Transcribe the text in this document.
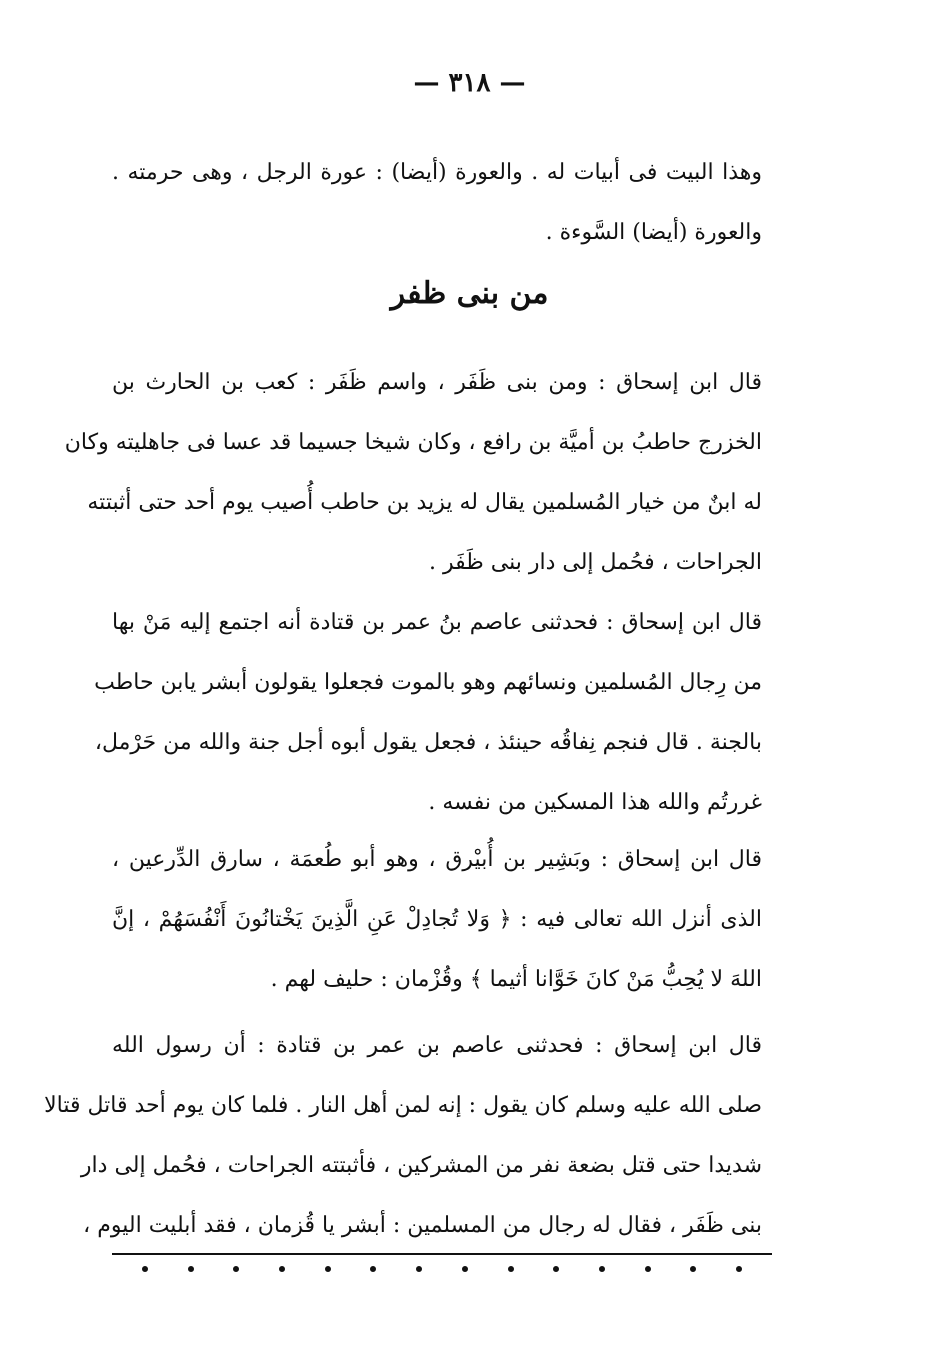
— ٣١٨ —
وهذا البيت فى أبيات له . والعورة (أيضا) : عورة الرجل ، وهى حرمته .
والعورة (أيضا) السَّوءة .
من بنى ظفر
قال ابن إسحاق : ومن بنى ظَفَر ، واسم ظَفَر : كعب بن الحارث بن
الخزرج حاطبُ بن أميَّة بن رافع ، وكان شيخا جسيما قد عسا فى جاهليته وكان
له ابنٌ من خيار المُسلمين يقال له يزيد بن حاطب أُصيب يوم أحد حتى أثبتته
الجراحات ، فحُمل إلى دار بنى ظَفَر .
قال ابن إسحاق : فحدثنى عاصم بنُ عمر بن قتادة أنه اجتمع إليه مَنْ بها
من رِجال المُسلمين ونسائهم وهو بالموت فجعلوا يقولون أبشر يابن حاطب
بالجنة . قال فنجم نِفاقُه حينئذ ، فجعل يقول أبوه أجل جنة والله من حَرْمل،
غررتُم والله هذا المسكين من نفسه .
قال ابن إسحاق : وبَشِير بن أُبيْرق ، وهو أبو طُعمَة ، سارق الدِّرعين ،
الذى أنزل الله تعالى فيه : ﴿ وَلا تُجادِلْ عَنِ الَّذِينَ يَخْتانُونَ أَنْفُسَهُمْ ، إنَّ
اللهَ لا يُحِبُّ مَنْ كانَ خَوَّانا أثيما ﴾ وقُزْمان : حليف لهم .
قال ابن إسحاق : فحدثنى عاصم بن عمر بن قتادة : أن رسول الله
صلى الله عليه وسلم كان يقول : إنه لمن أهل النار . فلما كان يوم أحد قاتل قتالا
شديدا حتى قتل بضعة نفر من المشركين ، فأثبتته الجراحات ، فحُمل إلى دار
بنى ظَفَر ، فقال له رجال من المسلمين : أبشر يا قُزمان ، فقد أبليت اليوم ،
